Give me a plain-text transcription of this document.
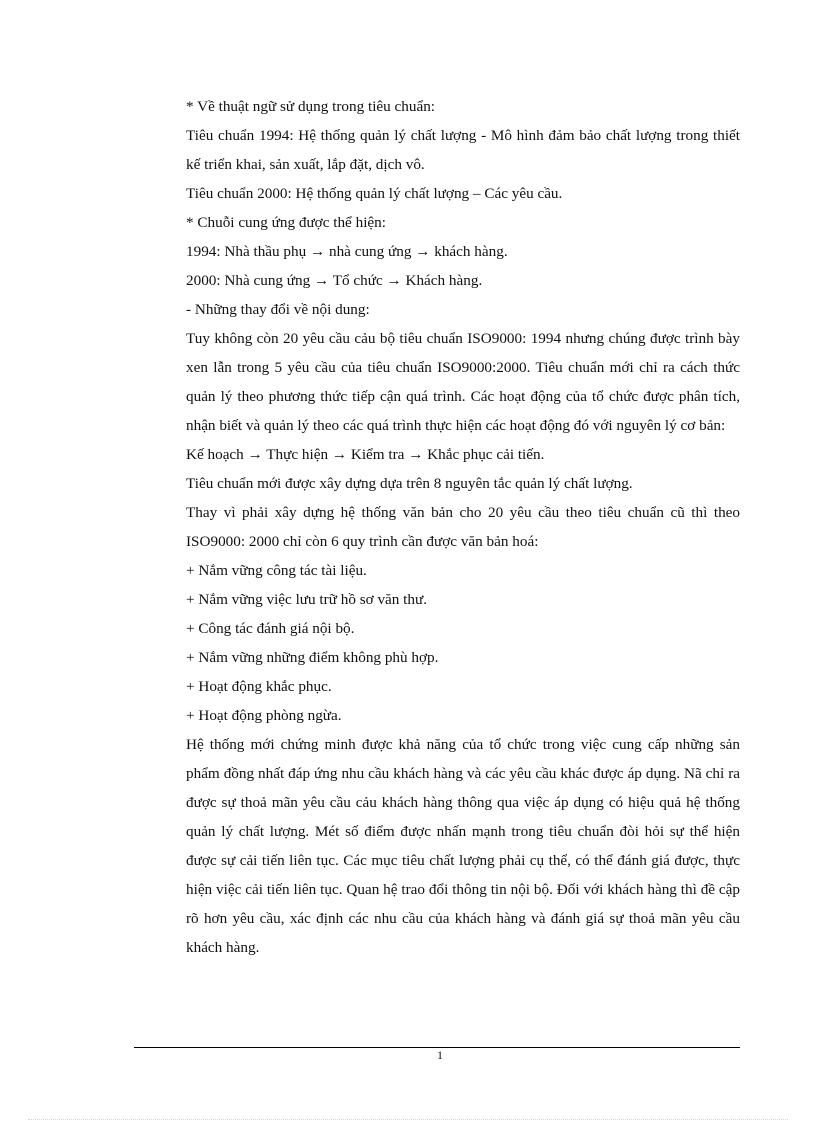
* Về thuật ngữ sử dụng trong tiêu chuẩn:
Tiêu chuẩn 1994: Hệ thống quản lý chất lượng - Mô hình đảm bảo chất lượng trong thiết kế triển khai, sản xuất, lắp đặt, dịch vô.
Tiêu chuẩn 2000: Hệ thống quản lý chất lượng – Các yêu cầu.
* Chuỗi cung ứng được thể hiện:
1994: Nhà thầu phụ → nhà cung ứng → khách hàng.
2000: Nhà cung ứng → Tổ chức → Khách hàng.
- Những thay đổi về nội dung:
Tuy không còn 20 yêu cầu cảu bộ tiêu chuẩn ISO9000: 1994 nhưng chúng được trình bày xen lẫn trong 5 yêu cầu của tiêu chuẩn ISO9000:2000. Tiêu chuẩn mới chỉ ra cách thức quản lý theo phương thức tiếp cận quá trình. Các hoạt động của tổ chức được phân tích, nhận biết và quản lý theo các quá trình thực hiện các hoạt động đó với nguyên lý cơ bản:
Kế hoạch → Thực hiện → Kiểm tra → Khắc phục cải tiến.
Tiêu chuẩn mới được xây dựng dựa trên 8 nguyên tắc quản lý chất lượng.
Thay vì phải xây dựng hệ thống văn bản cho 20 yêu cầu theo tiêu chuẩn cũ thì theo ISO9000: 2000 chỉ còn 6 quy trình cần được văn bản hoá:
+ Nắm vững công tác tài liệu.
+ Nắm vững việc lưu trữ hồ sơ văn thư.
+ Công tác đánh giá nội bộ.
+ Nắm vững những điểm không phù hợp.
+ Hoạt động khắc phục.
+ Hoạt động phòng ngừa.
Hệ thống mới chứng minh được khả năng của tổ chức trong việc cung cấp những sản phẩm đồng nhất đáp ứng nhu cầu khách hàng và các yêu cầu khác được áp dụng. Nã chỉ ra được sự thoả mãn yêu cầu cảu khách hàng thông qua việc áp dụng có hiệu quả hệ thống quản lý chất lượng. Mét số điểm được nhấn mạnh trong tiêu chuẩn đòi hỏi sự thể hiện được sự cải tiến liên tục. Các mục tiêu chất lượng phải cụ thể, có thể đánh giá được, thực hiện việc cải tiến liên tục. Quan hệ trao đổi thông tin nội bộ. Đối với khách hàng thì đề cập rõ hơn yêu cầu, xác định các nhu cầu của khách hàng và đánh giá sự thoả mãn yêu cầu khách hàng.
1
